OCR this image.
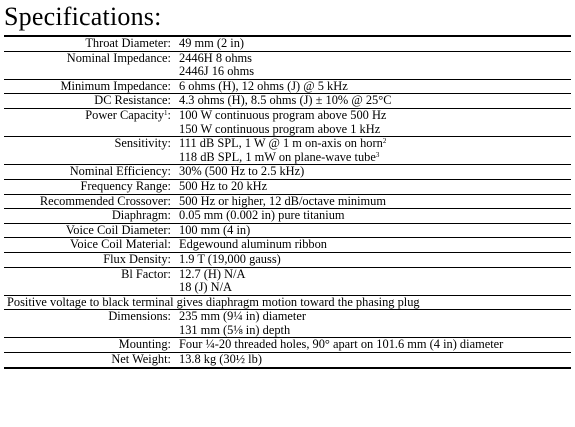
Specifications:
Throat Diameter: 49 mm (2 in)
Nominal Impedance: 2446H 8 ohms
2446J 16 ohms
Minimum Impedance: 6 ohms (H), 12 ohms (J) @ 5 kHz
DC Resistance: 4.3 ohms (H), 8.5 ohms (J) ± 10% @ 25°C
Power Capacity$^1$: 100 W continuous program above 500 Hz
150 W continuous program above 1 kHz
Sensitivity: 111 dB SPL, 1 W @ 1 m on-axis on horn$^2$
118 dB SPL, 1 mW on plane-wave tube$^3$
Nominal Efficiency: 30% (500 Hz to 2.5 kHz)
Frequency Range: 500 Hz to 20 kHz
Recommended Crossover: 500 Hz or higher, 12 dB/octave minimum
Diaphragm: 0.05 mm (0.002 in) pure titanium
Voice Coil Diameter: 100 mm (4 in)
Voice Coil Material: Edgewound aluminum ribbon
Flux Density: 1.9 T (19,000 gauss)
Bl Factor: 12.7 (H) N/A
18 (J) N/A
Positive voltage to black terminal gives diaphragm motion toward the phasing plug
Dimensions: 235 mm (9¼ in) diameter
131 mm (5⅛ in) depth
Mounting: Four ¼-20 threaded holes, 90° apart on 101.6 mm (4 in) diameter
Net Weight: 13.8 kg (30½ lb)
